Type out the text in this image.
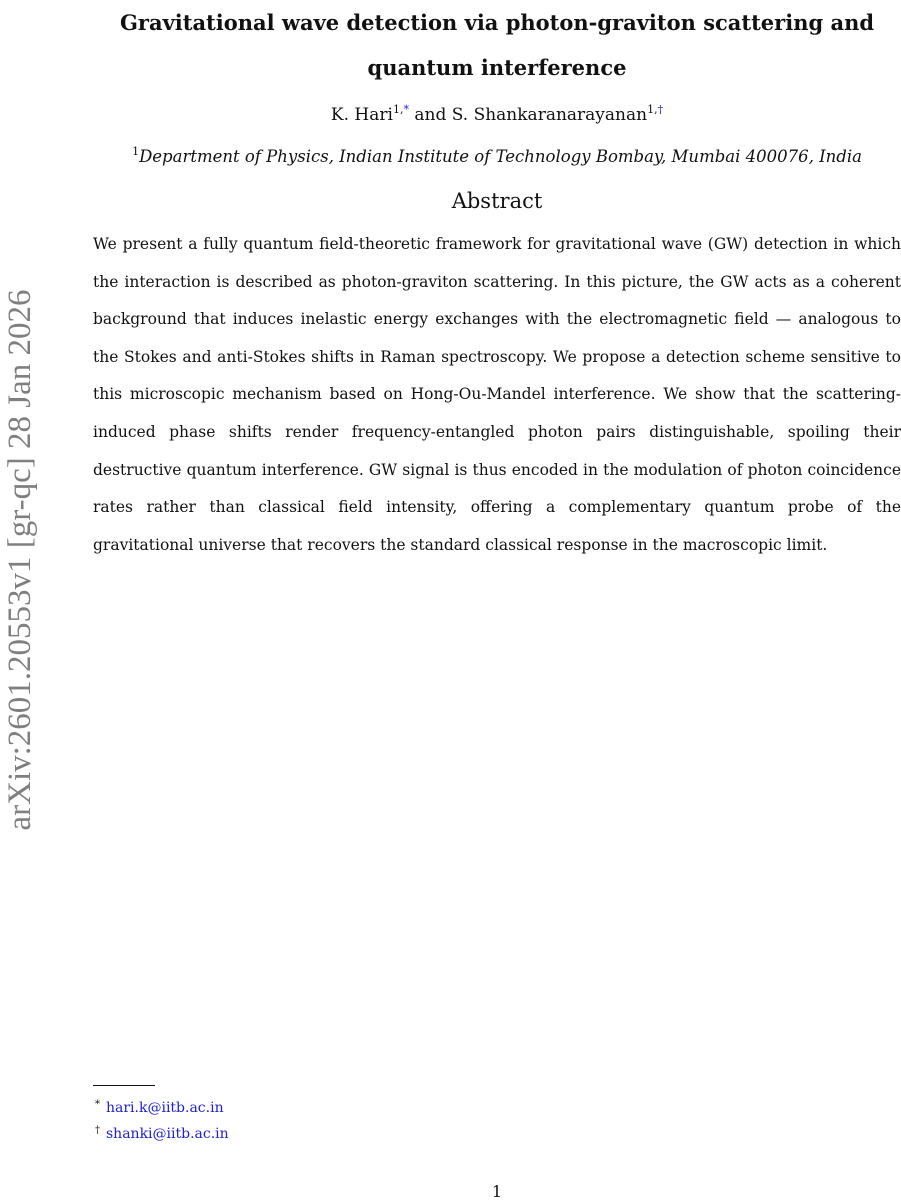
arXiv:2601.20553v1 [gr-qc] 28 Jan 2026
Gravitational wave detection via photon-graviton scattering and quantum interference
K. Hari$^{1,*}$ and S. Shankaranarayanan$^{1,\dagger}$
$^1$Department of Physics, Indian Institute of Technology Bombay, Mumbai 400076, India
Abstract

We present a fully quantum field-theoretic framework for gravitational wave (GW) detection in which the interaction is described as photon-graviton scattering. In this picture, the GW acts as a coherent background that induces inelastic energy exchanges with the electromagnetic field — analogous to the Stokes and anti-Stokes shifts in Raman spectroscopy. We propose a detection scheme sensitive to this microscopic mechanism based on Hong-Ou-Mandel interference. We show that the scattering-induced phase shifts render frequency-entangled photon pairs distinguishable, spoiling their destructive quantum interference. GW signal is thus encoded in the modulation of photon coincidence rates rather than classical field intensity, offering a complementary quantum probe of the gravitational universe that recovers the standard classical response in the macroscopic limit.

* hari.k@iitb.ac.in
† shanki@iitb.ac.in
1
